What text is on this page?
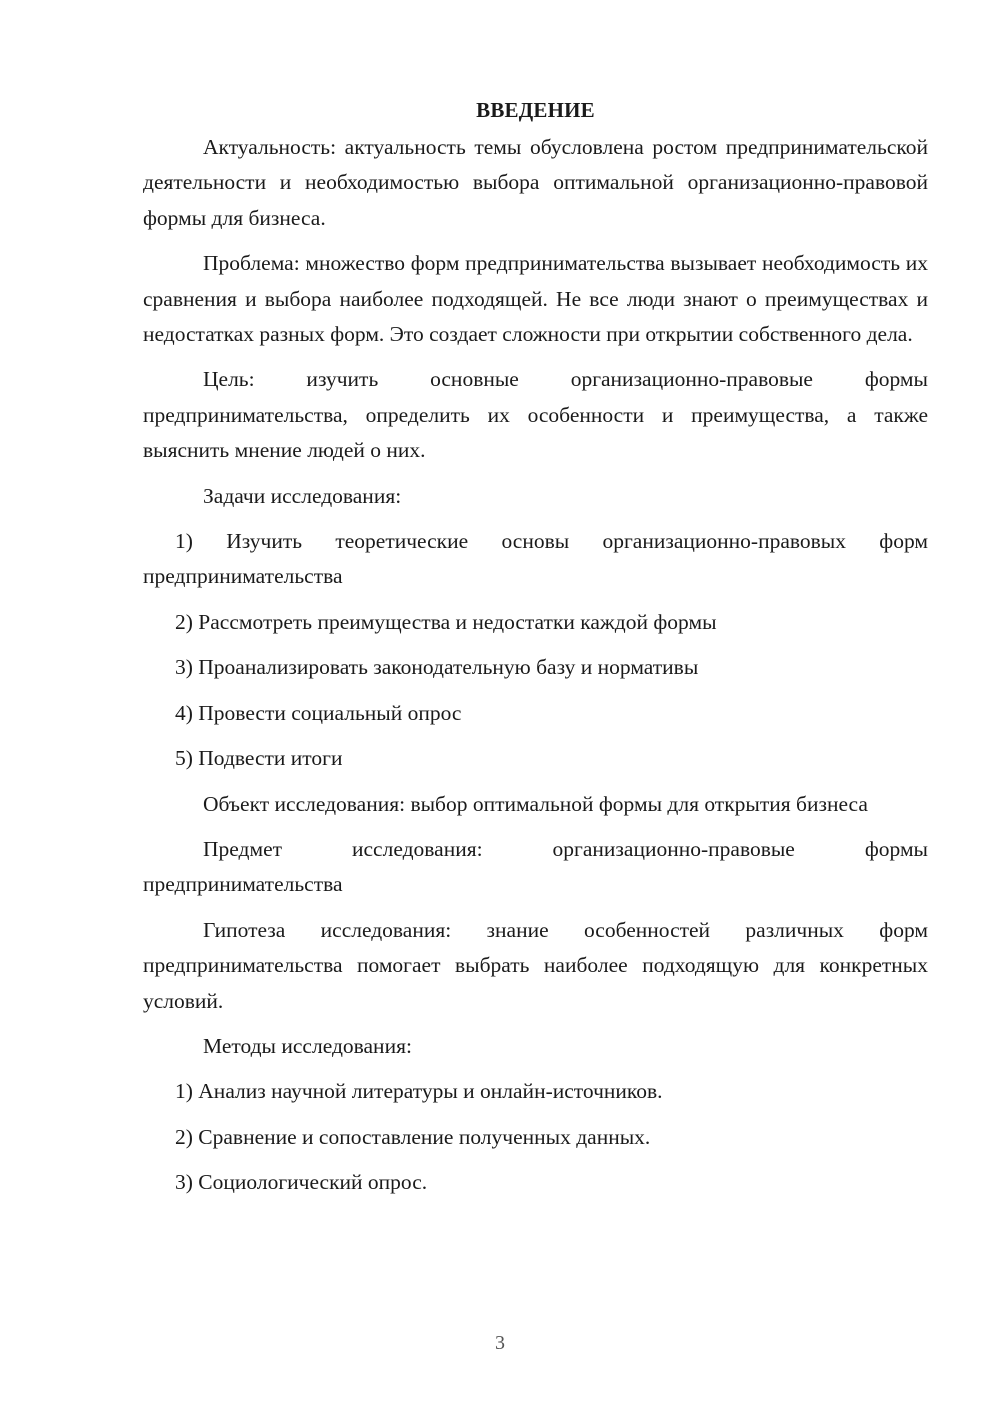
ВВЕДЕНИЕ

Актуальность: актуальность темы обусловлена ростом предпринимательской деятельности и необходимостью выбора оптимальной организационно-правовой формы для бизнеса.

Проблема: множество форм предпринимательства вызывает необходимость их сравнения и выбора наиболее подходящей. Не все люди знают о преимуществах и недостатках разных форм. Это создает сложности при открытии собственного дела.

Цель: изучить основные организационно-правовые формы предпринимательства, определить их особенности и преимущества, а также выяснить мнение людей о них.

Задачи исследования:

1) Изучить теоретические основы организационно-правовых форм предпринимательства

2) Рассмотреть преимущества и недостатки каждой формы

3) Проанализировать законодательную базу и нормативы

4) Провести социальный опрос

5) Подвести итоги

Объект исследования: выбор оптимальной формы для открытия бизнеса

Предмет исследования: организационно-правовые формы предпринимательства

Гипотеза исследования: знание особенностей различных форм предпринимательства помогает выбрать наиболее подходящую для конкретных условий.

Методы исследования:

1) Анализ научной литературы и онлайн-источников.

2) Сравнение и сопоставление полученных данных.

3) Социологический опрос.

3
